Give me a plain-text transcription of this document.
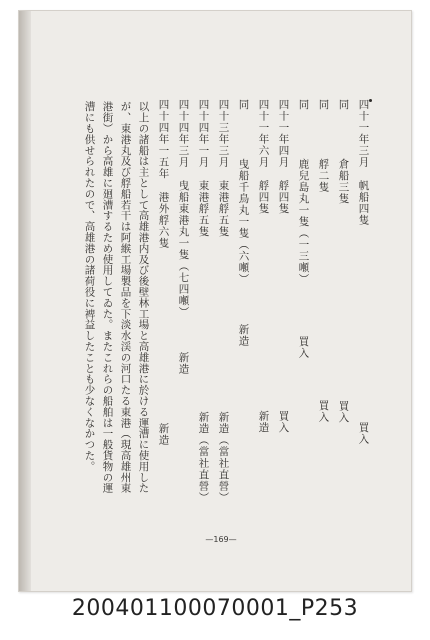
四十一年三月帆船四隻買入
同倉船三隻買入
同艀二隻買入
同鹿兒島丸一隻（一三噸）買入
四十一年四月艀四隻買入
四十一年六月艀四隻新造
同曳船千鳥丸一隻（六噸）新造
四十三年三月東港艀五隻新造（當社直營）
四十四年一月東港艀五隻新造（當社直營）
四十四年三月曳船東港丸一隻（七四噸）新造
四十四年一五年港外艀六隻新造
以上の諸船は主として高雄港内及び後壁林工場と高雄港に於ける運漕に使用した
が、東港丸及び艀船若干は阿緱工場製品を下淡水渓の河口たる東港（現高雄州東
港街）から高雄に廻漕するため使用してゐた。またこれらの船舶は一般貨物の運
漕にも供せられたので、高雄港の諸荷役に裨益したことも少なくなかつた。
—169—
200401100070001_P253
